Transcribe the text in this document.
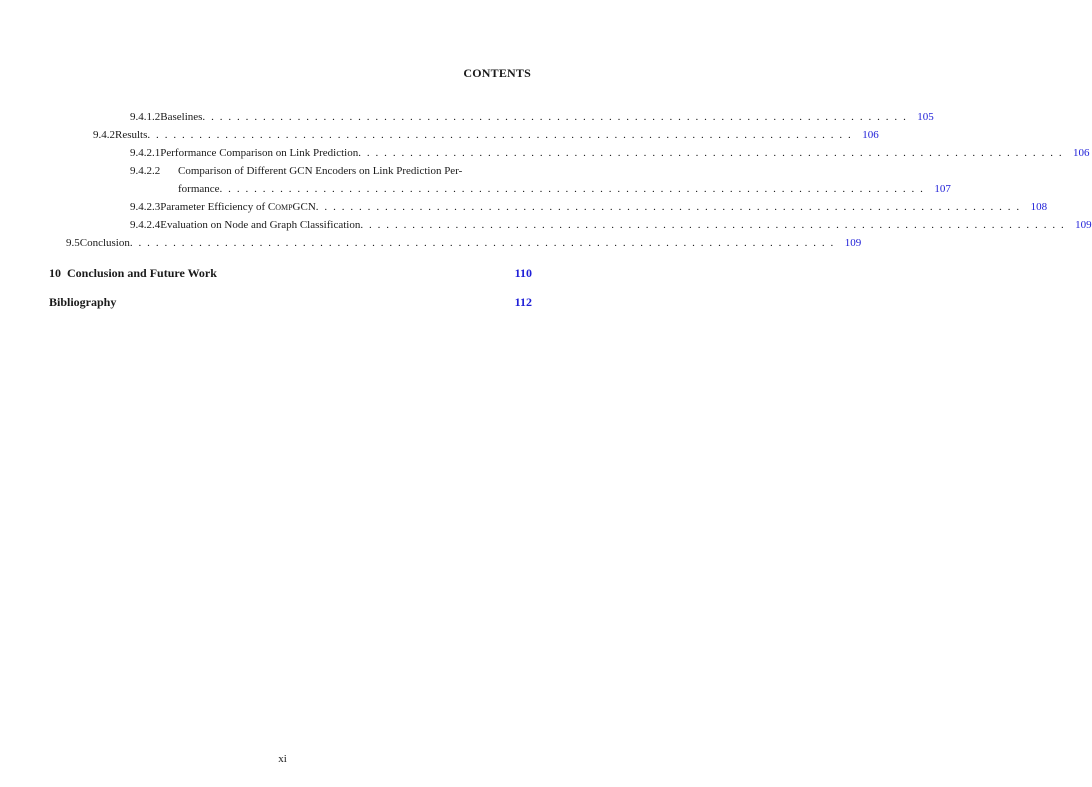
CONTENTS
9.4.1.2 Baselines .................................................................................. 105
9.4.2 Results .................................................................................. 106
9.4.2.1 Performance Comparison on Link Prediction .................................................................................. 106
9.4.2.2	Comparison of Different GCN Encoders on Link Prediction Per-
formance .................................................................................. 107
9.4.2.3 Parameter Efficiency of CompGCN .................................................................................. 108
9.4.2.4 Evaluation on Node and Graph Classification .................................................................................. 109
9.5 Conclusion .................................................................................. 109
10 Conclusion and Future Work	110
Bibliography	112
xi
